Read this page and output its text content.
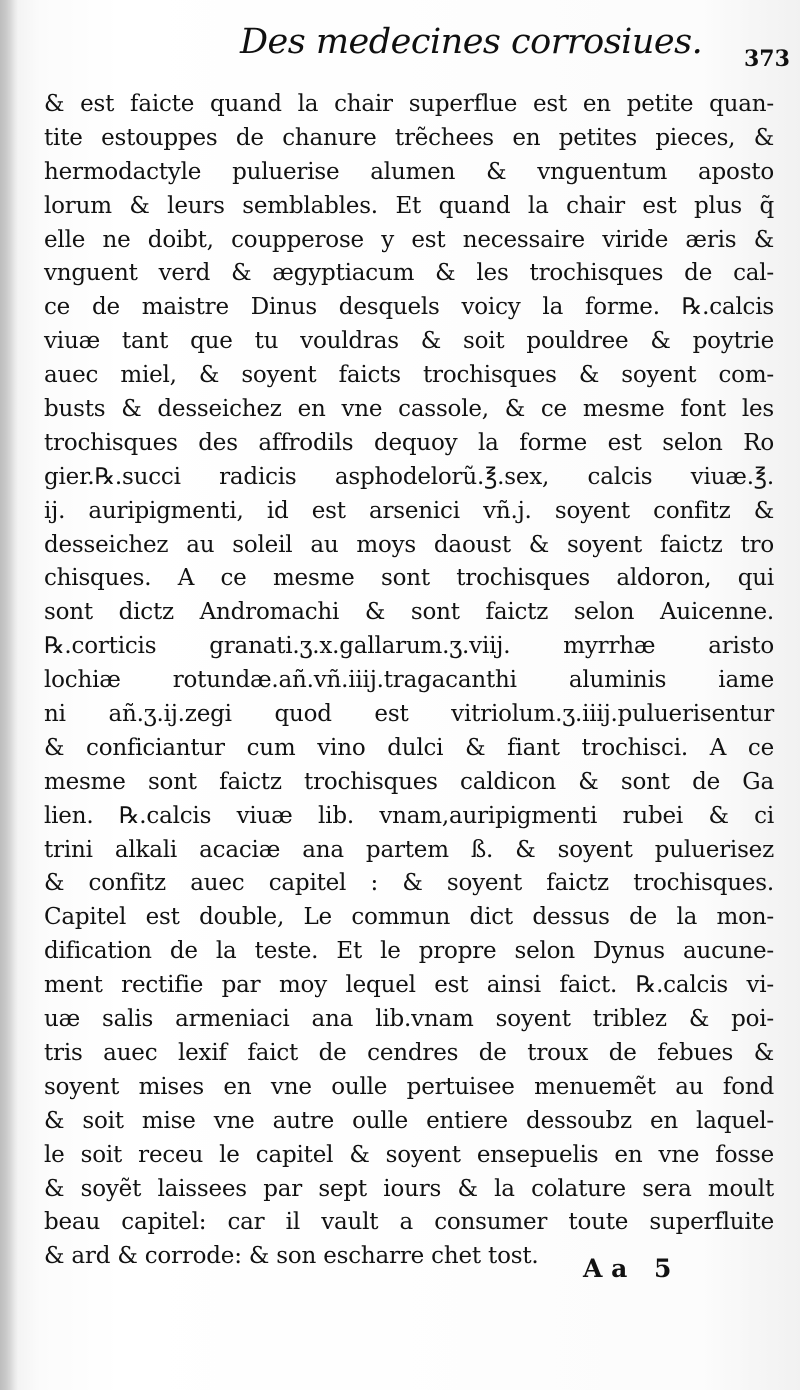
Des medecines corrosiues. 373
& est faicte quand la chair superflue est en petite quan-
tite estouppes de chanure trẽchees en petites pieces, &
hermodactyle puluerise alumen & vnguentum aposto
lorum & leurs semblables. Et quand la chair est plus q̃
elle ne doibt, coupperose y est necessaire viride æris &
vnguent verd & ægyptiacum & les trochisques de cal-
ce de maistre Dinus desquels voicy la forme. ℞.calcis
viuæ tant que tu vouldras & soit pouldree & poytrie
auec miel, & soyent faicts trochisques & soyent com-
busts & desseichez en vne cassole, & ce mesme font les
trochisques des affrodils dequoy la forme est selon Ro
gier.℞.succi radicis asphodelorũ.℥.sex, calcis viuæ.℥.
ij. auripigmenti, id est arsenici vñ.j. soyent confitz &
desseichez au soleil au moys daoust & soyent faictz tro
chisques. A ce mesme sont trochisques aldoron, qui
sont dictz Andromachi & sont faictz selon Auicenne.
℞.corticis granati.ʒ.x.gallarum.ʒ.viij. myrrhæ aristo
lochiæ rotundæ.añ.vñ.iiij.tragacanthi aluminis iame
ni añ.ʒ.ij.zegi quod est vitriolum.ʒ.iiij.puluerisentur
& conficiantur cum vino dulci & fiant trochisci. A ce
mesme sont faictz trochisques caldicon & sont de Ga
lien. ℞.calcis viuæ lib. vnam,auripigmenti rubei & ci
trini alkali acaciæ ana partem ß. & soyent puluerisez
& confitz auec capitel : & soyent faictz trochisques.
Capitel est double, Le commun dict dessus de la mon-
dification de la teste. Et le propre selon Dynus aucune-
ment rectifie par moy lequel est ainsi faict. ℞.calcis vi-
uæ salis armeniaci ana lib.vnam soyent triblez & poi-
tris auec lexif faict de cendres de troux de febues &
soyent mises en vne oulle pertuisee menuemẽt au fond
& soit mise vne autre oulle entiere dessoubz en laquel-
le soit receu le capitel & soyent ensepuelis en vne fosse
& soyẽt laissees par sept iours & la colature sera moult
beau capitel: car il vault a consumer toute superfluite
& ard & corrode: & son escharre chet tost.

	A a 5
